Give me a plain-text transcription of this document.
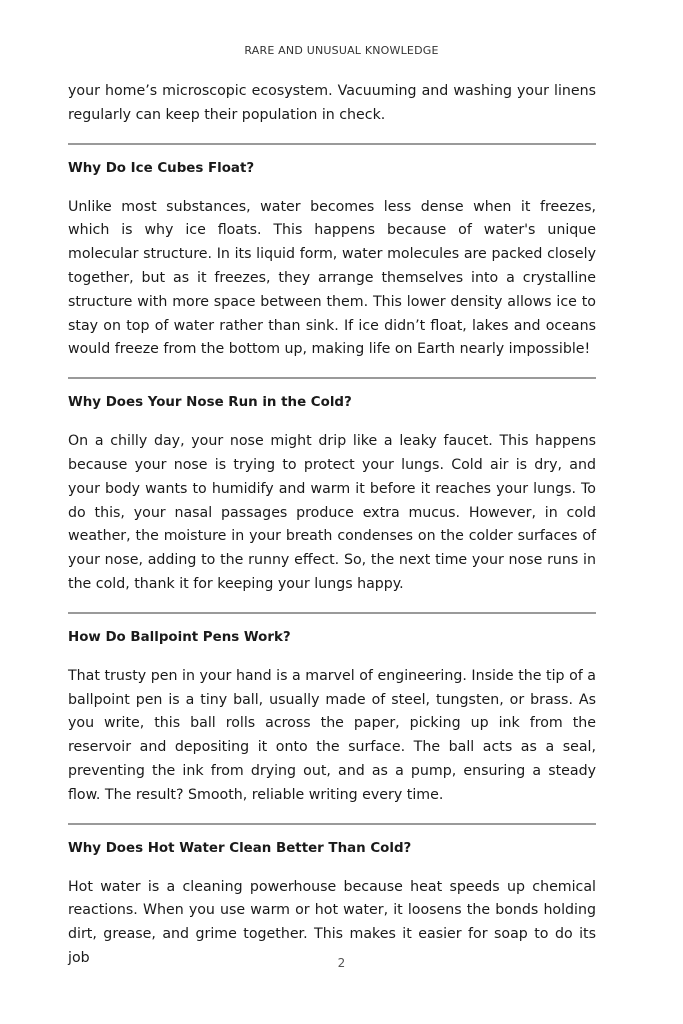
RARE AND UNUSUAL KNOWLEDGE

your home’s microscopic ecosystem. Vacuuming and washing your linens regularly can keep their population in check.

Why Do Ice Cubes Float?

Unlike most substances, water becomes less dense when it freezes, which is why ice floats. This happens because of water's unique molecular structure. In its liquid form, water molecules are packed closely together, but as it freezes, they arrange themselves into a crystalline structure with more space between them. This lower density allows ice to stay on top of water rather than sink. If ice didn’t float, lakes and oceans would freeze from the bottom up, making life on Earth nearly impossible!

Why Does Your Nose Run in the Cold?

On a chilly day, your nose might drip like a leaky faucet. This happens because your nose is trying to protect your lungs. Cold air is dry, and your body wants to humidify and warm it before it reaches your lungs. To do this, your nasal passages produce extra mucus. However, in cold weather, the moisture in your breath condenses on the colder surfaces of your nose, adding to the runny effect. So, the next time your nose runs in the cold, thank it for keeping your lungs happy.

How Do Ballpoint Pens Work?

That trusty pen in your hand is a marvel of engineering. Inside the tip of a ballpoint pen is a tiny ball, usually made of steel, tungsten, or brass. As you write, this ball rolls across the paper, picking up ink from the reservoir and depositing it onto the surface. The ball acts as a seal, preventing the ink from drying out, and as a pump, ensuring a steady flow. The result? Smooth, reliable writing every time.

Why Does Hot Water Clean Better Than Cold?

Hot water is a cleaning powerhouse because heat speeds up chemical reactions. When you use warm or hot water, it loosens the bonds holding dirt, grease, and grime together. This makes it easier for soap to do its job	2
